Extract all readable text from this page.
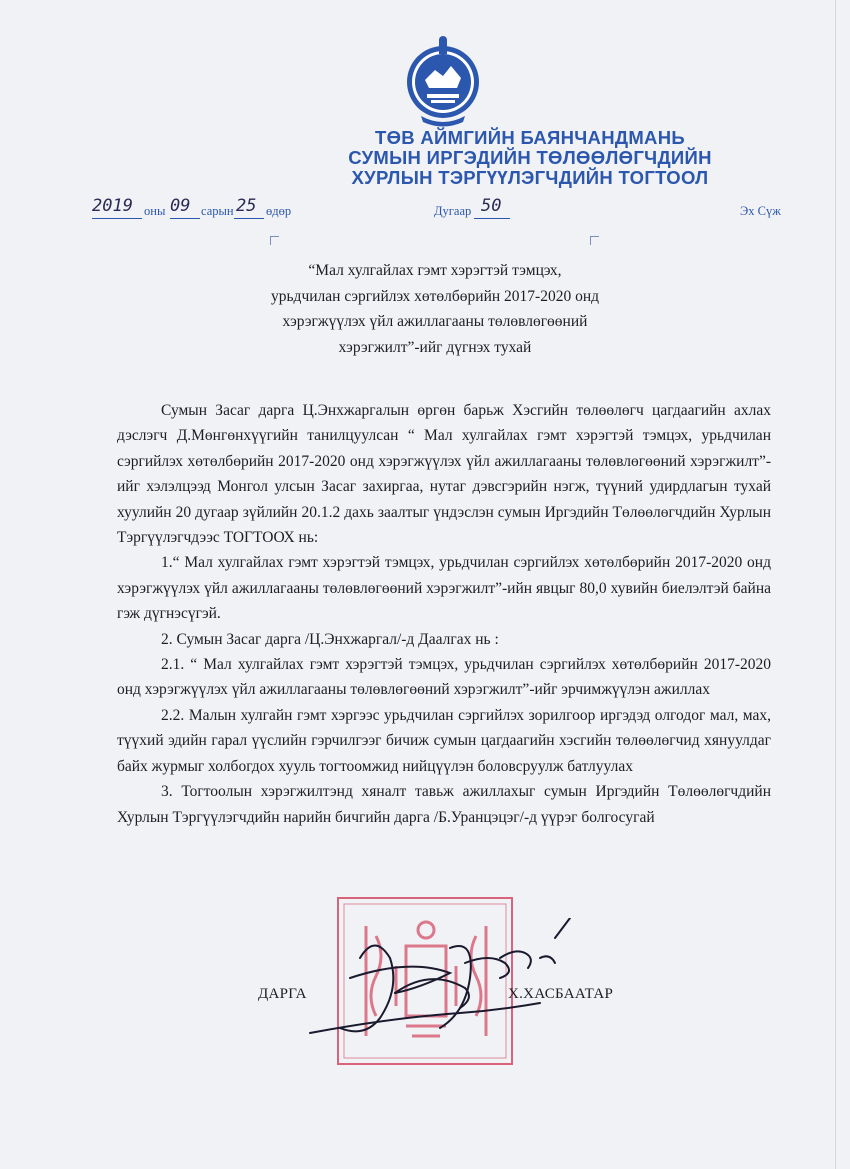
ТӨВ АЙМГИЙН БАЯНЧАНДМАНЬ
СУМЫН ИРГЭДИЙН ТӨЛӨӨЛӨГЧДИЙН
ХУРЛЫН ТЭРГҮҮЛЭГЧДИЙН ТОГТООЛ
2019 оны 09 сарын 25 өдөр	Дугаар 50	Эх Сүж
“Мал хулгайлах гэмт хэрэгтэй тэмцэх,
урьдчилан сэргийлэх хөтөлбөрийн 2017-2020 онд
хэрэгжүүлэх үйл ажиллагааны төлөвлөгөөний
хэрэгжилт”-ийг дүгнэх тухай

Сумын Засаг дарга Ц.Энхжаргалын өргөн барьж Хэсгийн төлөөлөгч цагдаагийн ахлах дэслэгч Д.Мөнгөнхүүгийн танилцуулсан “ Мал хулгайлах гэмт хэрэгтэй тэмцэх, урьдчилан сэргийлэх хөтөлбөрийн 2017-2020 онд хэрэгжүүлэх үйл ажиллагааны төлөвлөгөөний хэрэгжилт”-ийг хэлэлцээд Монгол улсын Засаг захиргаа, нутаг дэвсгэрийн нэгж, түүний удирдлагын тухай хуулийн 20 дугаар зүйлийн 20.1.2 дахь заалтыг үндэслэн сумын Иргэдийн Төлөөлөгчдийн Хурлын Тэргүүлэгчдээс ТОГТООХ нь:

1.“ Мал хулгайлах гэмт хэрэгтэй тэмцэх, урьдчилан сэргийлэх хөтөлбөрийн 2017-2020 онд хэрэгжүүлэх үйл ажиллагааны төлөвлөгөөний хэрэгжилт”-ийн явцыг 80,0 хувийн биелэлтэй байна гэж дүгнэсүгэй.

2. Сумын Засаг дарга /Ц.Энхжаргал/-д Даалгах нь :

2.1. “ Мал хулгайлах гэмт хэрэгтэй тэмцэх, урьдчилан сэргийлэх хөтөлбөрийн 2017-2020 онд хэрэгжүүлэх үйл ажиллагааны төлөвлөгөөний хэрэгжилт”-ийг эрчимжүүлэн ажиллах

2.2. Малын хулгайн гэмт хэргээс урьдчилан сэргийлэх зорилгоор иргэдэд олгодог мал, мах, түүхий эдийн гарал үүслийн гэрчилгээг бичиж сумын цагдаагийн хэсгийн төлөөлөгчид хянуулдаг байх журмыг холбогдох хууль тогтоомжид нийцүүлэн боловсруулж батлуулах

3. Тогтоолын хэрэгжилтэнд хяналт тавьж ажиллахыг сумын Иргэдийн Төлөөлөгчдийн Хурлын Тэргүүлэгчдийн нарийн бичгийн дарга /Б.Уранцэцэг/-д үүрэг болгосугай

ДАРГА	Х.ХАСБААТАР
